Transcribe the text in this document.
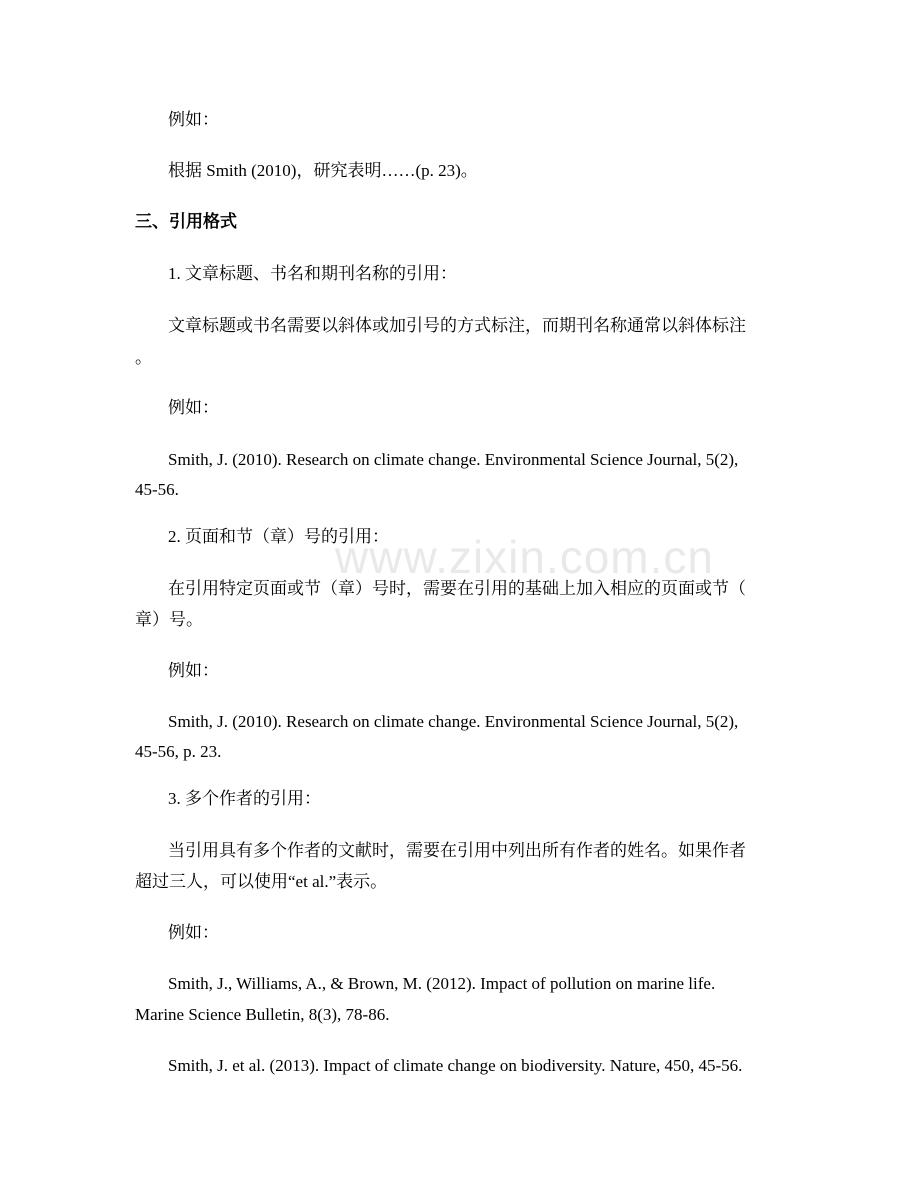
www.zixin.com.cn
例如：
根据 Smith (2010)，研究表明……(p. 23)。
三、引用格式
1. 文章标题、书名和期刊名称的引用：
文章标题或书名需要以斜体或加引号的方式标注，而期刊名称通常以斜体标注
。
例如：
Smith, J. (2010). Research on climate change. Environmental Science Journal, 5(2),
45-56.
2. 页面和节（章）号的引用：
在引用特定页面或节（章）号时，需要在引用的基础上加入相应的页面或节（
章）号。
例如：
Smith, J. (2010). Research on climate change. Environmental Science Journal, 5(2),
45-56, p. 23.
3. 多个作者的引用：
当引用具有多个作者的文献时，需要在引用中列出所有作者的姓名。如果作者
超过三人，可以使用“et al.”表示。
例如：
Smith, J., Williams, A., & Brown, M. (2012). Impact of pollution on marine life.
Marine Science Bulletin, 8(3), 78-86.
Smith, J. et al. (2013). Impact of climate change on biodiversity. Nature, 450, 45-56.
